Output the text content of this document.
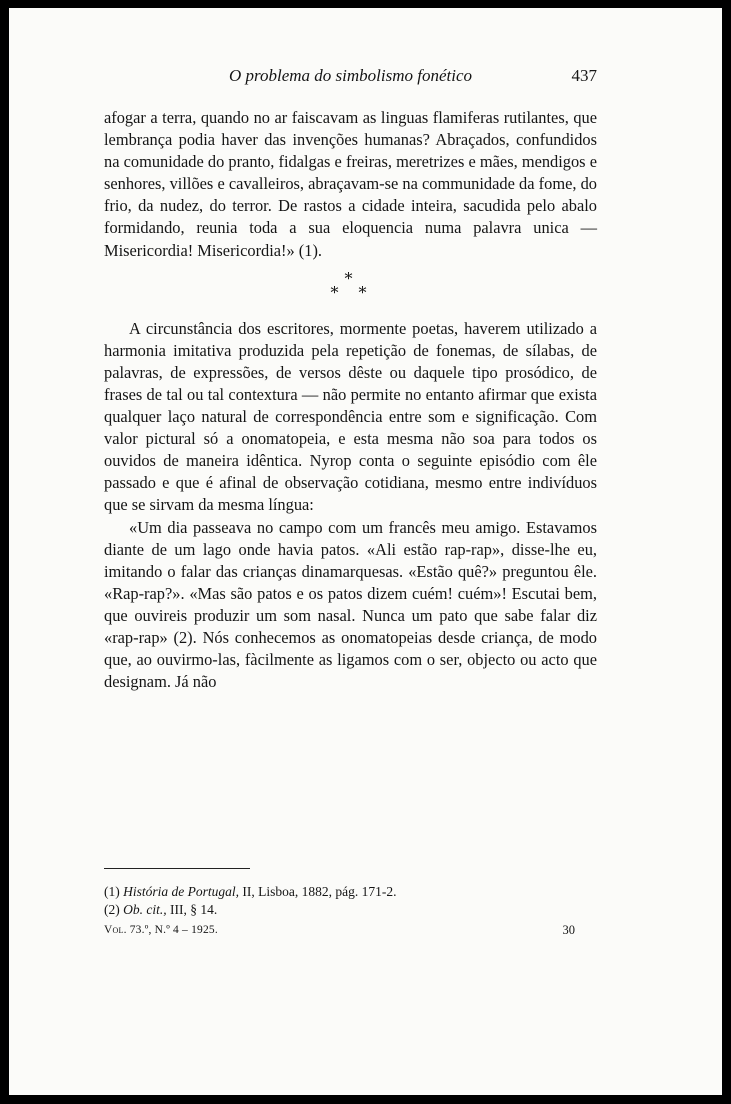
O problema do simbolismo fonético	437

afogar a terra, quando no ar faiscavam as linguas flamiferas rutilantes, que lembrança podia haver das invenções humanas? Abraçados, confundidos na comunidade do pranto, fidalgas e freiras, meretrizes e mães, mendigos e senhores, villões e cavalleiros, abraçavam-se na communidade da fome, do frio, da nudez, do terror. De rastos a cidade inteira, sacudida pelo abalo formidando, reunia toda a sua eloquencia numa palavra unica — Misericordia! Misericordia!» (1).

*
* *

A circunstância dos escritores, mormente poetas, haverem utilizado a harmonia imitativa produzida pela repetição de fonemas, de sílabas, de palavras, de expressões, de versos dêste ou daquele tipo prosódico, de frases de tal ou tal contextura — não permite no entanto afirmar que exista qualquer laço natural de correspondência entre som e significação. Com valor pictural só a onomatopeia, e esta mesma não soa para todos os ouvidos de maneira idêntica. Nyrop conta o seguinte episódio com êle passado e que é afinal de observação cotidiana, mesmo entre indivíduos que se sirvam da mesma língua:

«Um dia passeava no campo com um francês meu amigo. Estavamos diante de um lago onde havia patos. «Ali estão rap-rap», disse-lhe eu, imitando o falar das crianças dinamarquesas. «Estão quê?» preguntou êle. «Rap-rap?». «Mas são patos e os patos dizem cuém! cuém»! Escutai bem, que ouvireis produzir um som nasal. Nunca um pato que sabe falar diz «rap-rap» (2). Nós conhecemos as onomatopeias desde criança, de modo que, ao ouvirmo-las, fàcilmente as ligamos com o ser, objecto ou acto que designam. Já não

(1) História de Portugal, II, Lisboa, 1882, pág. 171-2.

(2) Ob. cit., III, § 14.

Vol. 73.º, N.º 4 – 1925.	30
